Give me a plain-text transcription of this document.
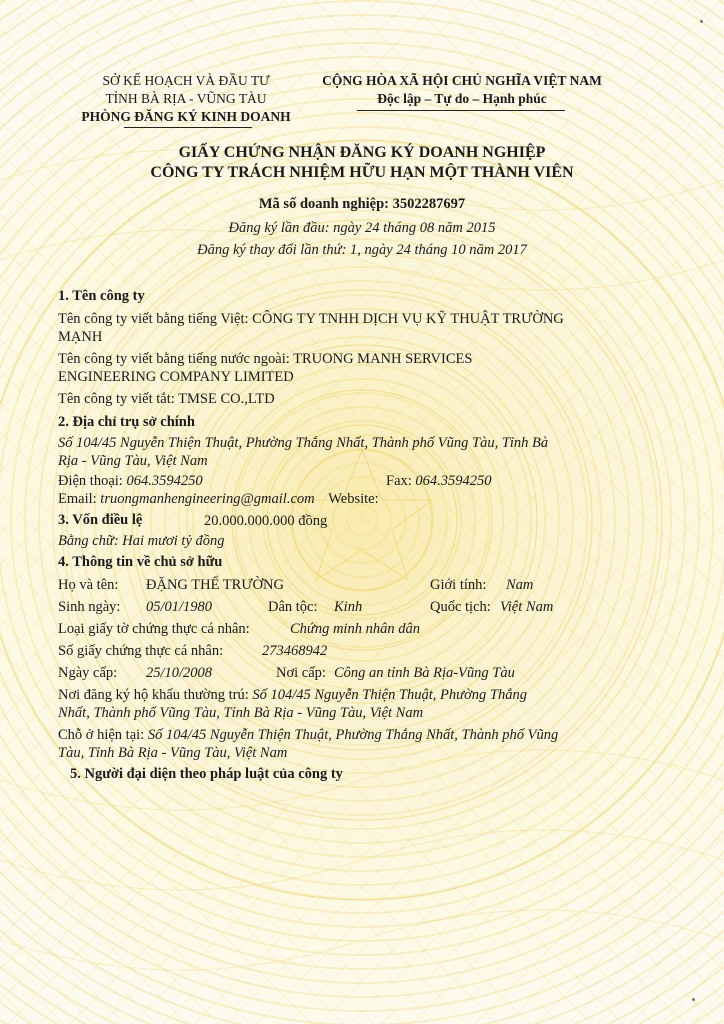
SỞ KẾ HOẠCH VÀ ĐẦU TƯ
TỈNH BÀ RỊA - VŨNG TÀU
PHÒNG ĐĂNG KÝ KINH DOANH
CỘNG HÒA XÃ HỘI CHỦ NGHĨA VIỆT NAM
Độc lập – Tự do – Hạnh phúc
GIẤY CHỨNG NHẬN ĐĂNG KÝ DOANH NGHIỆP
CÔNG TY TRÁCH NHIỆM HỮU HẠN MỘT THÀNH VIÊN
Mã số doanh nghiệp: 3502287697
Đăng ký lần đầu: ngày 24 tháng 08 năm 2015
Đăng ký thay đổi lần thứ: 1, ngày 24 tháng 10 năm 2017
1. Tên công ty
Tên công ty viết bằng tiếng Việt: CÔNG TY TNHH DỊCH VỤ KỸ THUẬT TRƯỜNG
MẠNH
Tên công ty viết bằng tiếng nước ngoài: TRUONG MANH SERVICES
ENGINEERING COMPANY LIMITED
Tên công ty viết tắt: TMSE CO.,LTD
2. Địa chỉ trụ sở chính
Số 104/45 Nguyễn Thiện Thuật, Phường Thắng Nhất, Thành phố Vũng Tàu, Tỉnh Bà
Rịa - Vũng Tàu, Việt Nam
Điện thoại: 064.3594250	Fax: 064.3594250
Email: truongmanhengineering@gmail.com Website:
3. Vốn điều lệ	20.000.000.000 đồng
Bằng chữ: Hai mươi tỷ đồng
4. Thông tin về chủ sở hữu
Họ và tên: ĐẶNG THẾ TRƯỜNG	Giới tính: Nam
Sinh ngày: 05/01/1980	Dân tộc: Kinh	Quốc tịch: Việt Nam
Loại giấy tờ chứng thực cá nhân:	Chứng minh nhân dân
Số giấy chứng thực cá nhân:	273468942
Ngày cấp: 25/10/2008	Nơi cấp: Công an tỉnh Bà Rịa-Vũng Tàu
Nơi đăng ký hộ khẩu thường trú: Số 104/45 Nguyễn Thiện Thuật, Phường Thắng
Nhất, Thành phố Vũng Tàu, Tỉnh Bà Rịa - Vũng Tàu, Việt Nam
Chỗ ở hiện tại: Số 104/45 Nguyễn Thiện Thuật, Phường Thắng Nhất, Thành phố Vũng
Tàu, Tỉnh Bà Rịa - Vũng Tàu, Việt Nam
5. Người đại diện theo pháp luật của công ty
